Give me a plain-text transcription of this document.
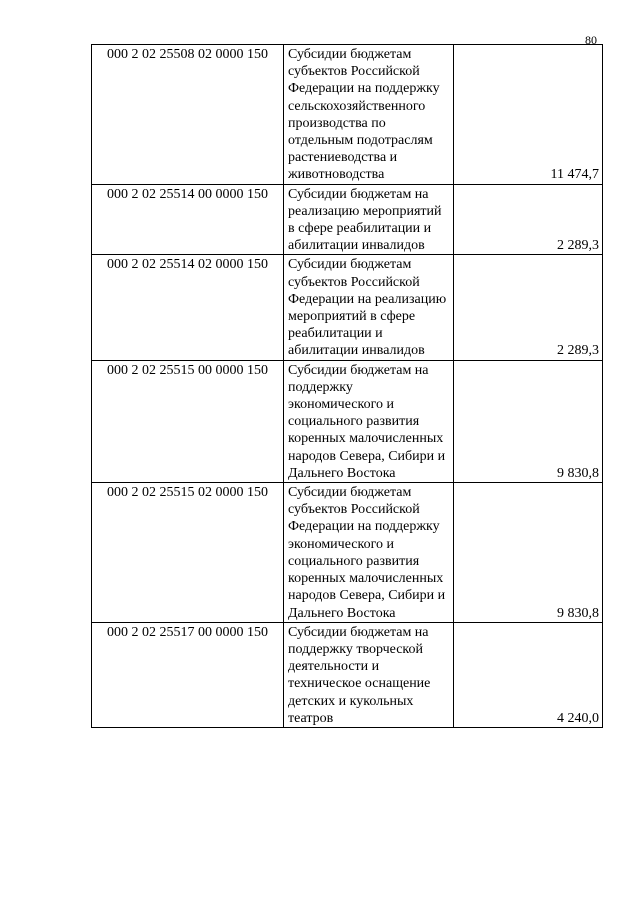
80
000 2 02 25508 02 0000 150	Субсидии бюджетам субъектов Российской Федерации на поддержку сельскохозяйственного производства по отдельным подотраслям растениеводства и животноводства	11 474,7
000 2 02 25514 00 0000 150	Субсидии бюджетам на реализацию мероприятий в сфере реабилитации и абилитации инвалидов	2 289,3
000 2 02 25514 02 0000 150	Субсидии бюджетам субъектов Российской Федерации на реализацию мероприятий в сфере реабилитации и абилитации инвалидов	2 289,3
000 2 02 25515 00 0000 150	Субсидии бюджетам на поддержку экономического и социального развития коренных малочисленных народов Севера, Сибири и Дальнего Востока	9 830,8
000 2 02 25515 02 0000 150	Субсидии бюджетам субъектов Российской Федерации на поддержку экономического и социального развития коренных малочисленных народов Севера, Сибири и Дальнего Востока	9 830,8
000 2 02 25517 00 0000 150	Субсидии бюджетам на поддержку творческой деятельности и техническое оснащение детских и кукольных театров	4 240,0
